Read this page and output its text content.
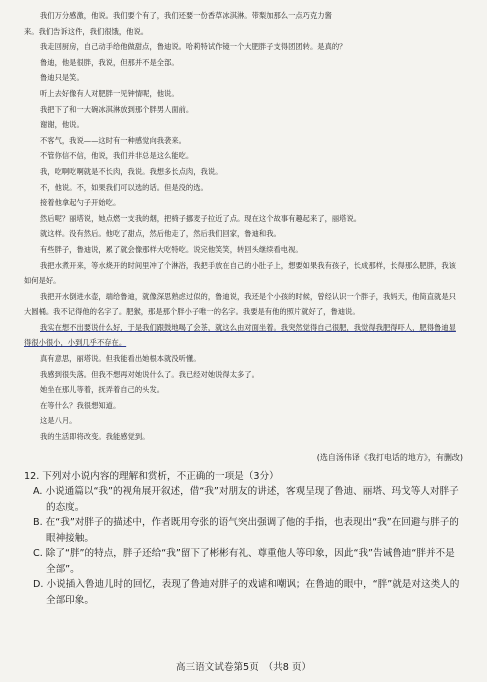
我们万分感激，他说。我们要个有了，我们还要一份香草冰淇淋。带梨加那么一点巧克力酱

来。我们告诉这件，我们很饿，他说。

我走回厨房，自己动手给他做甜点，鲁迪说。哈莉特试作镜一个大肥胖子支得团团转。是真的？

鲁迪，他是很胖，我说，但那并不是全部。

鲁迪只是笑。

听上去好像有人对肥胖一见钟情呢，他说。

我把下了和一大碗冰淇淋放到那个胖男人面前。

谢谢，他说。

不客气，我说——这时有一种感觉向我袭来。

不管你信不信，他说，我们并非总是这么能吃。

我，吃啊吃啊就是不长肉，我说。我想多长点肉，我说。

不，他说。不，如果我们可以选的话。但是没的选。

接着他拿起勺子开始吃。

然后呢？丽塔说，她点燃一支我的烟，把椅子挪麦子拉近了点。现在这个故事有趣起来了，丽塔说。

就这样。没有然后。他吃了甜点，然后他走了，然后我们回家，鲁迪和我。

有些胖子，鲁迪说，累了就会像那样大吃特吃。说完他笑笑，转回头继续看电视。

我把水煮开来，等水烧开的时间里冲了个淋浴，我把手放在自己的小肚子上，想要如果我有孩子，长成那样，长得那么肥胖，我该如何是好。

我把开水倒进水壶，端给鲁迪，就像深思熟虑过似的，鲁迪说，我还是个小孩的时候，曾经认识一个胖子，我妈天，他简直就是只大圆桶。我不记得他的名字了。肥猴，那是那个胖小子唯一的名字。我要是有他的照片就好了，鲁迪说。

我实在想不出要说什么好，于是我们跟鼓地喝了会茶，就这么由对面坐着。我突然觉得自己很肥，我觉得我肥得吓人，肥得鲁迪显得很小很小，小到几乎不存在。

真有意思，丽塔说。但我能看出她根本就没听懂。

我感到很失落。但我不想再对她说什么了。我已经对她说得太多了。

她坐在那儿等着，抚弄着自己的头发。

在等什么？我很想知道。

这是八月。

我的生活即将改变。我能感觉到。

(选自汤伟译《我打电话的地方》，有删改)

12. 下列对小说内容的理解和赏析，不正确的一项是（3分）

A. 小说通篇以“我”的视角展开叙述，借“我”对朋友的讲述，客观呈现了鲁迪、丽塔、玛戈等人对胖子的态度。

B. 在“我”对胖子的描述中，作者既用夸张的语气突出强调了他的手指，也表现出“我”在回避与胖子的眼神接触。

C. 除了“胖”的特点，胖子还给“我”留下了彬彬有礼、尊重他人等印象，因此“我”告诫鲁迪“胖并不是全部”。

D. 小说插入鲁迪儿时的回忆，表现了鲁迪对胖子的戏谑和嘲讽；在鲁迪的眼中，“胖”就是对这类人的全部印象。

高三语文试卷第5页　（共8 页）
